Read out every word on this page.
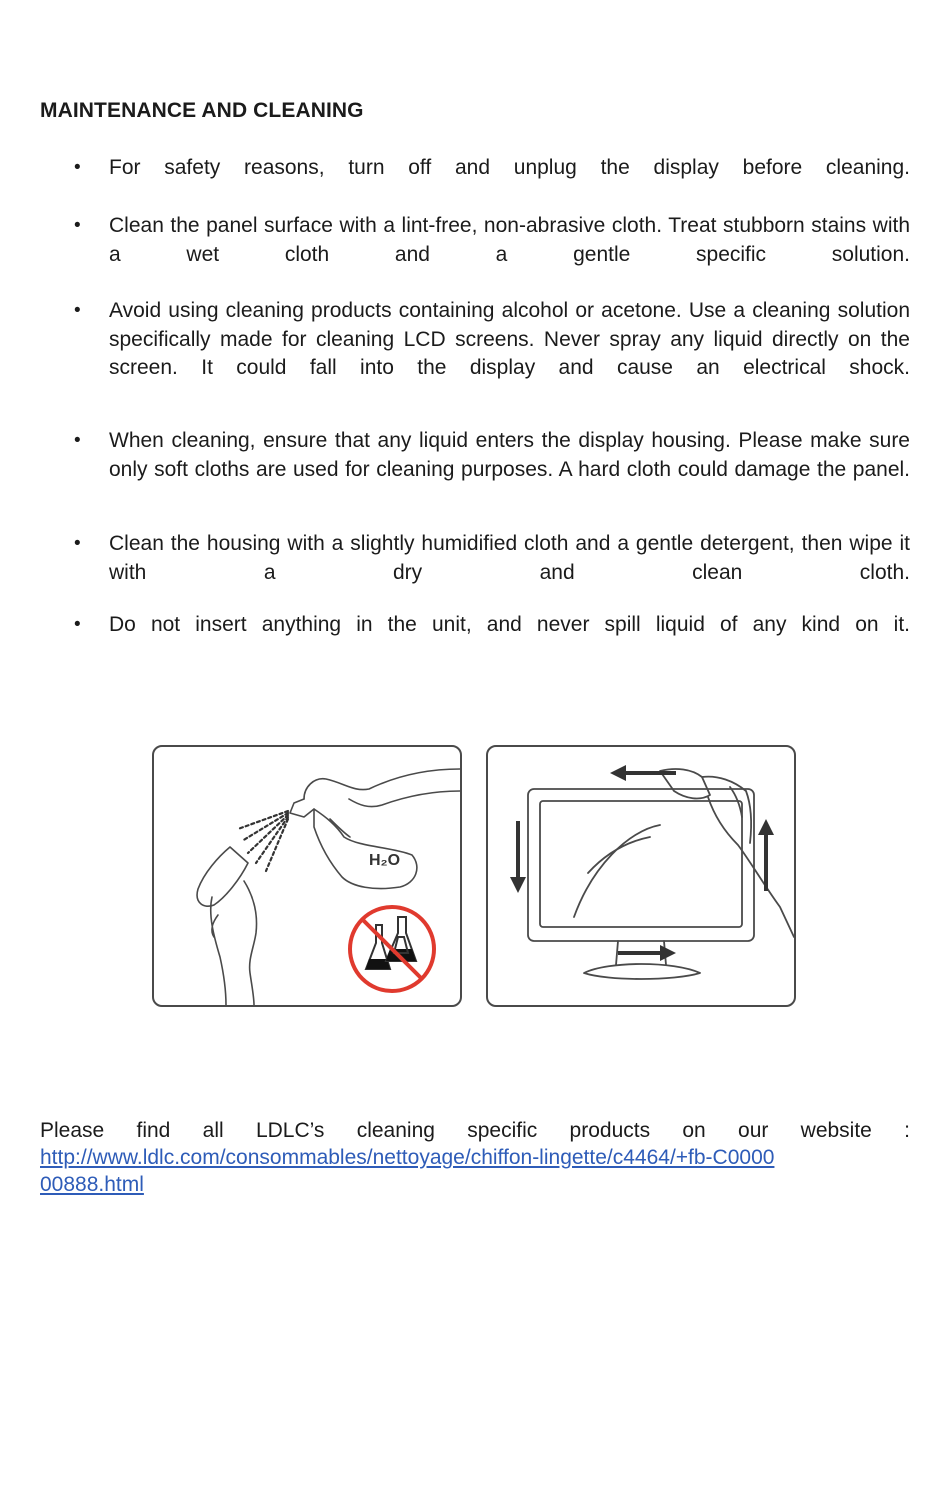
MAINTENANCE AND CLEANING
• For safety reasons, turn off and unplug the display before cleaning.
• Clean the panel surface with a lint-free, non-abrasive cloth. Treat stubborn stains with a wet cloth and a gentle specific solution.
• Avoid using cleaning products containing alcohol or acetone. Use a cleaning solution specifically made for cleaning LCD screens. Never spray any liquid directly on the screen. It could fall into the display and cause an electrical shock.
• When cleaning, ensure that any liquid enters the display housing. Please make sure only soft cloths are used for cleaning purposes. A hard cloth could damage the panel.
• Clean the housing with a slightly humidified cloth and a gentle detergent, then wipe it with a dry and clean cloth.
• Do not insert anything in the unit, and never spill liquid of any kind on it.
H₂O
Please find all LDLC’s cleaning specific products on our website :
http://www.ldlc.com/consommables/nettoyage/chiffon-lingette/c4464/+fb-C000000888.html
